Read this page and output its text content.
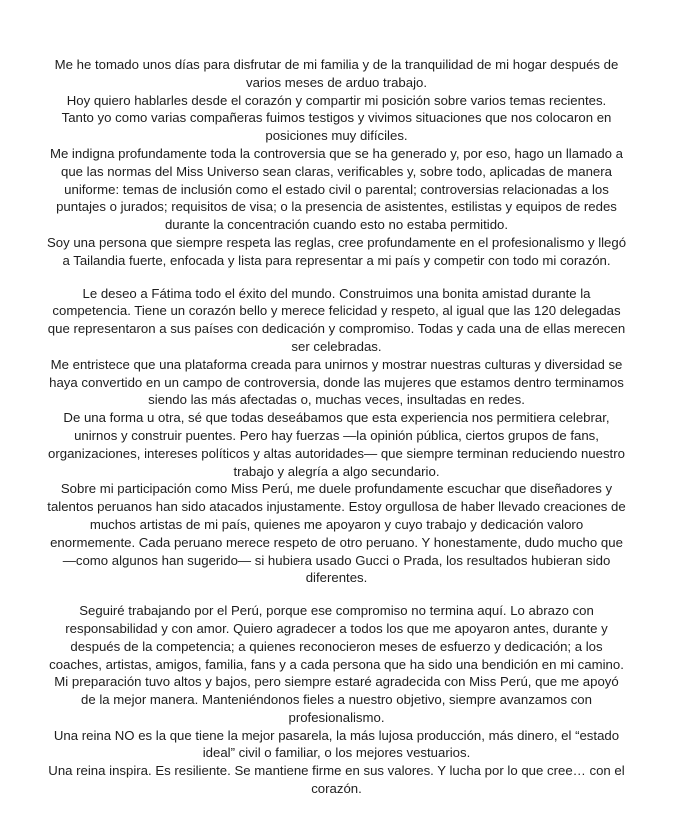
Me he tomado unos días para disfrutar de mi familia y de la tranquilidad de mi hogar después de varios meses de arduo trabajo.

Hoy quiero hablarles desde el corazón y compartir mi posición sobre varios temas recientes.

Tanto yo como varias compañeras fuimos testigos y vivimos situaciones que nos colocaron en posiciones muy difíciles.

Me indigna profundamente toda la controversia que se ha generado y, por eso, hago un llamado a que las normas del Miss Universo sean claras, verificables y, sobre todo, aplicadas de manera uniforme: temas de inclusión como el estado civil o parental; controversias relacionadas a los puntajes o jurados; requisitos de visa; o la presencia de asistentes, estilistas y equipos de redes durante la concentración cuando esto no estaba permitido.

Soy una persona que siempre respeta las reglas, cree profundamente en el profesionalismo y llegó a Tailandia fuerte, enfocada y lista para representar a mi país y competir con todo mi corazón.

Le deseo a Fátima todo el éxito del mundo. Construimos una bonita amistad durante la competencia. Tiene un corazón bello y merece felicidad y respeto, al igual que las 120 delegadas que representaron a sus países con dedicación y compromiso. Todas y cada una de ellas merecen ser celebradas.

Me entristece que una plataforma creada para unirnos y mostrar nuestras culturas y diversidad se haya convertido en un campo de controversia, donde las mujeres que estamos dentro terminamos siendo las más afectadas o, muchas veces, insultadas en redes.

De una forma u otra, sé que todas deseábamos que esta experiencia nos permitiera celebrar, unirnos y construir puentes. Pero hay fuerzas —la opinión pública, ciertos grupos de fans, organizaciones, intereses políticos y altas autoridades— que siempre terminan reduciendo nuestro trabajo y alegría a algo secundario.

Sobre mi participación como Miss Perú, me duele profundamente escuchar que diseñadores y talentos peruanos han sido atacados injustamente. Estoy orgullosa de haber llevado creaciones de muchos artistas de mi país, quienes me apoyaron y cuyo trabajo y dedicación valoro enormemente. Cada peruano merece respeto de otro peruano. Y honestamente, dudo mucho que —como algunos han sugerido— si hubiera usado Gucci o Prada, los resultados hubieran sido diferentes.

Seguiré trabajando por el Perú, porque ese compromiso no termina aquí. Lo abrazo con responsabilidad y con amor. Quiero agradecer a todos los que me apoyaron antes, durante y después de la competencia; a quienes reconocieron meses de esfuerzo y dedicación; a los coaches, artistas, amigos, familia, fans y a cada persona que ha sido una bendición en mi camino.

Mi preparación tuvo altos y bajos, pero siempre estaré agradecida con Miss Perú, que me apoyó de la mejor manera. Manteniéndonos fieles a nuestro objetivo, siempre avanzamos con profesionalismo.

Una reina NO es la que tiene la mejor pasarela, la más lujosa producción, más dinero, el “estado ideal” civil o familiar, o los mejores vestuarios.

Una reina inspira. Es resiliente. Se mantiene firme en sus valores. Y lucha por lo que cree… con el corazón.
